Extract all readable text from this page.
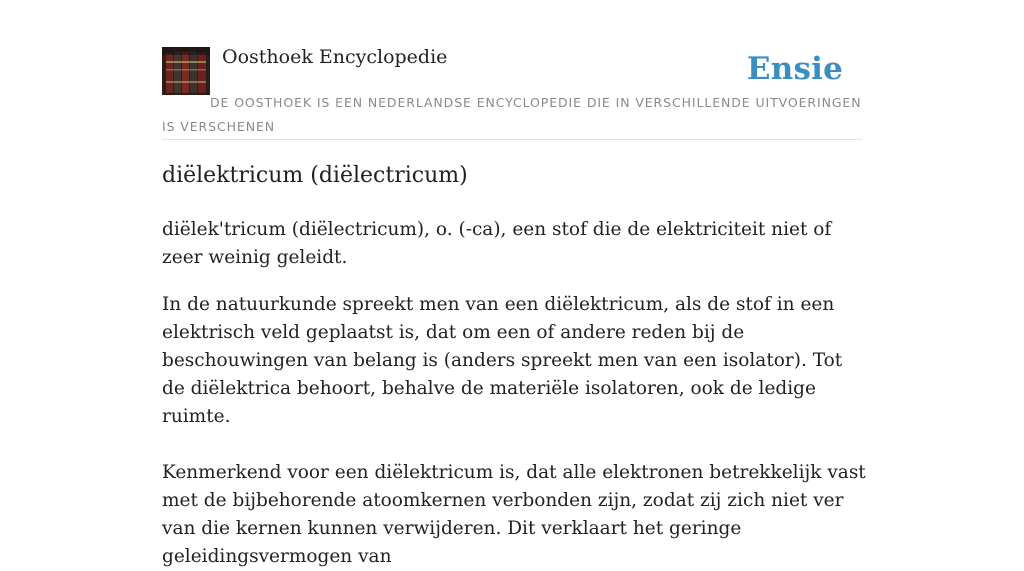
Oosthoek Encyclopedie	Ensie
DE OOSTHOEK IS EEN NEDERLANDSE ENCYCLOPEDIE DIE IN VERSCHILLENDE UITVOERINGEN IS VERSCHENEN
diëlektricum (diëlectricum)

diëlek'tricum (diëlectricum), o. (-ca), een stof die de elektriciteit niet of zeer weinig geleidt.

In de natuurkunde spreekt men van een diëlektricum, als de stof in een elektrisch veld geplaatst is, dat om een of andere reden bij de beschouwingen van belang is (anders spreekt men van een isolator). Tot de diëlektrica behoort, behalve de materiële isolatoren, ook de ledige ruimte.

Kenmerkend voor een diëlektricum is, dat alle elektronen betrekkelijk vast met de bijbehorende atoomkernen verbonden zijn, zodat zij zich niet ver van die kernen kunnen verwijderen. Dit verklaart het geringe geleidingsvermogen van
